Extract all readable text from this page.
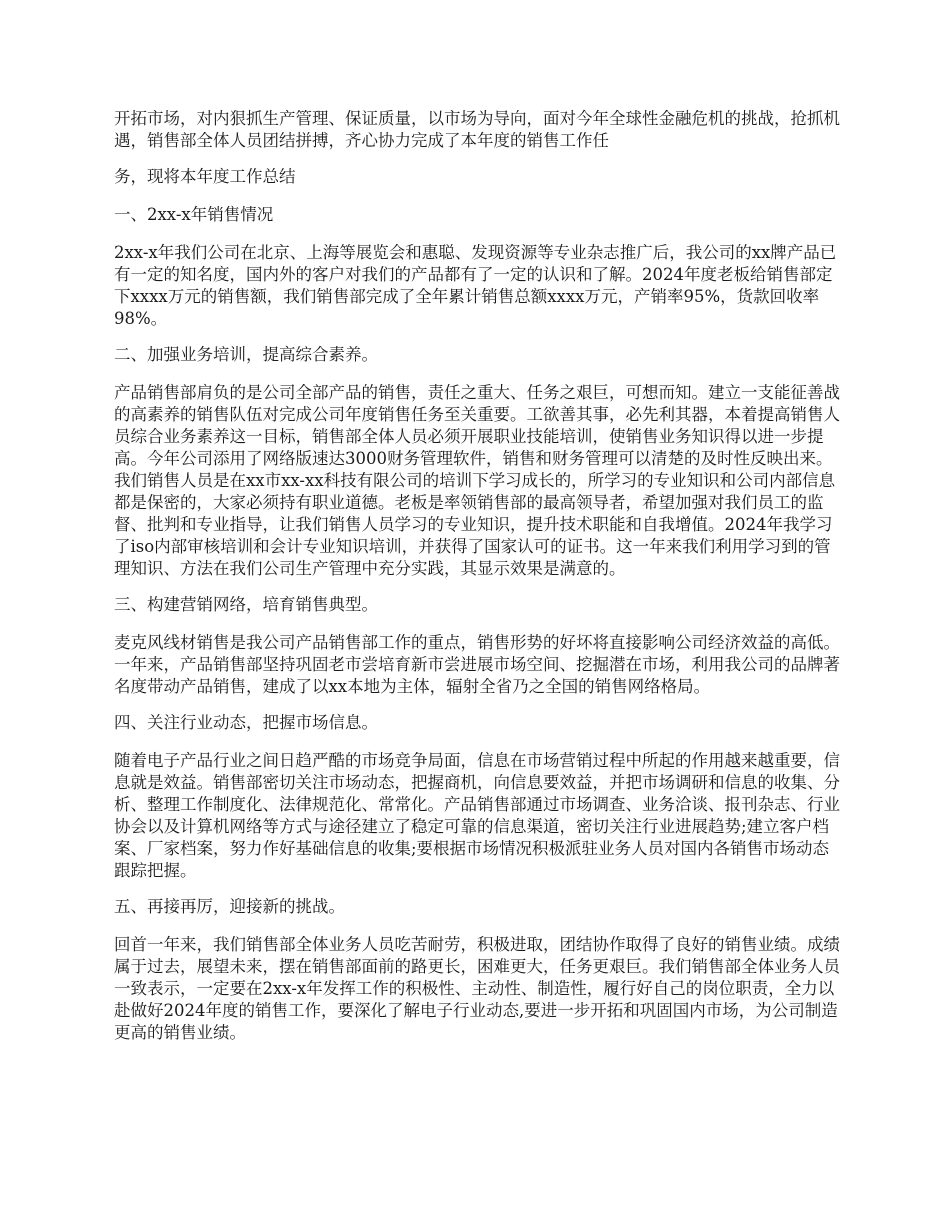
开拓市场，对内狠抓生产管理、保证质量，以市场为导向，面对今年全球性金融危机的挑战，抢抓机遇，销售部全体人员团结拼搏，齐心协力完成了本年度的销售工作任

务，现将本年度工作总结

一、2xx-x年销售情况

2xx-x年我们公司在北京、上海等展览会和惠聪、发现资源等专业杂志推广后，我公司的xx牌产品已有一定的知名度，国内外的客户对我们的产品都有了一定的认识和了解。2024年度老板给销售部定下xxxx万元的销售额，我们销售部完成了全年累计销售总额xxxx万元，产销率95%，货款回收率98%。

二、加强业务培训，提高综合素养。

产品销售部肩负的是公司全部产品的销售，责任之重大、任务之艰巨，可想而知。建立一支能征善战的高素养的销售队伍对完成公司年度销售任务至关重要。工欲善其事，必先利其器，本着提高销售人员综合业务素养这一目标，销售部全体人员必须开展职业技能培训，使销售业务知识得以进一步提高。今年公司添用了网络版速达3000财务管理软件，销售和财务管理可以清楚的及时性反映出来。我们销售人员是在xx市xx-xx科技有限公司的培训下学习成长的，所学习的专业知识和公司内部信息都是保密的，大家必须持有职业道德。老板是率领销售部的最高领导者，希望加强对我们员工的监督、批判和专业指导，让我们销售人员学习的专业知识，提升技术职能和自我增值。2024年我学习了iso内部审核培训和会计专业知识培训，并获得了国家认可的证书。这一年来我们利用学习到的管理知识、方法在我们公司生产管理中充分实践，其显示效果是满意的。

三、构建营销网络，培育销售典型。

麦克风线材销售是我公司产品销售部工作的重点，销售形势的好坏将直接影响公司经济效益的高低。一年来，产品销售部坚持巩固老市尝培育新市尝进展市场空间、挖掘潜在市场，利用我公司的品牌著名度带动产品销售，建成了以xx本地为主体，辐射全省乃之全国的销售网络格局。

四、关注行业动态，把握市场信息。

随着电子产品行业之间日趋严酷的市场竞争局面，信息在市场营销过程中所起的作用越来越重要，信息就是效益。销售部密切关注市场动态，把握商机，向信息要效益，并把市场调研和信息的收集、分析、整理工作制度化、法律规范化、常常化。产品销售部通过市场调查、业务洽谈、报刊杂志、行业协会以及计算机网络等方式与途径建立了稳定可靠的信息渠道，密切关注行业进展趋势;建立客户档案、厂家档案，努力作好基础信息的收集;要根据市场情况积极派驻业务人员对国内各销售市场动态跟踪把握。

五、再接再厉，迎接新的挑战。

回首一年来，我们销售部全体业务人员吃苦耐劳，积极进取，团结协作取得了良好的销售业绩。成绩属于过去，展望未来，摆在销售部面前的路更长，困难更大，任务更艰巨。我们销售部全体业务人员一致表示，一定要在2xx-x年发挥工作的积极性、主动性、制造性，履行好自己的岗位职责，全力以赴做好2024年度的销售工作，要深化了解电子行业动态,要进一步开拓和巩固国内市场，为公司制造更高的销售业绩。
